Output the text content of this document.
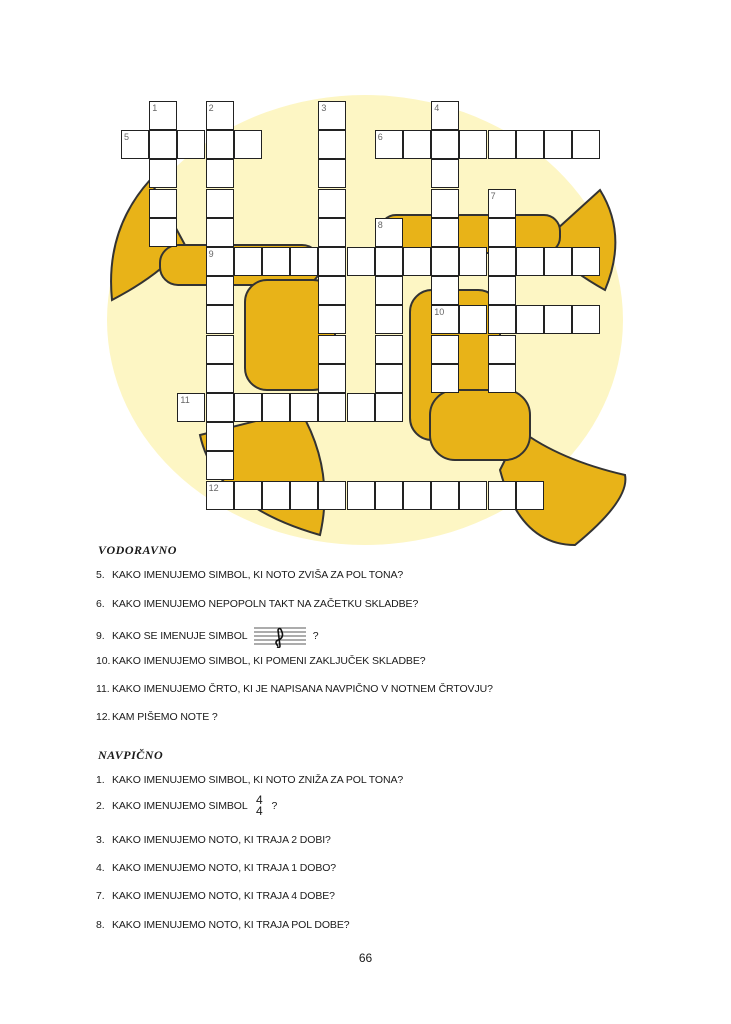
1	2
9
12
3	4
10
5	6
7
8
11
VODORAVNO
5. KAKO IMENUJEMO SIMBOL, KI NOTO ZVIŠA ZA POL TONA?
6. KAKO IMENUJEMO NEPOPOLN TAKT NA ZAČETKU SKLADBE?
9. KAKO SE IMENUJE SIMBOL	?
10. KAKO IMENUJEMO SIMBOL, KI POMENI ZAKLJUČEK SKLADBE?
11. KAKO IMENUJEMO ČRTO, KI JE NAPISANA NAVPIČNO V NOTNEM ČRTOVJU?
12. KAM PIŠEMO NOTE ?
NAVPIČNO
1. KAKO IMENUJEMO SIMBOL, KI NOTO ZNIŽA ZA POL TONA?
2. KAKO IMENUJEMO SIMBOL 4
4 ?
3. KAKO IMENUJEMO NOTO, KI TRAJA 2 DOBI?
4. KAKO IMENUJEMO NOTO, KI TRAJA 1 DOBO?
7. KAKO IMENUJEMO NOTO, KI TRAJA 4 DOBE?
8. KAKO IMENUJEMO NOTO, KI TRAJA POL DOBE?
66
